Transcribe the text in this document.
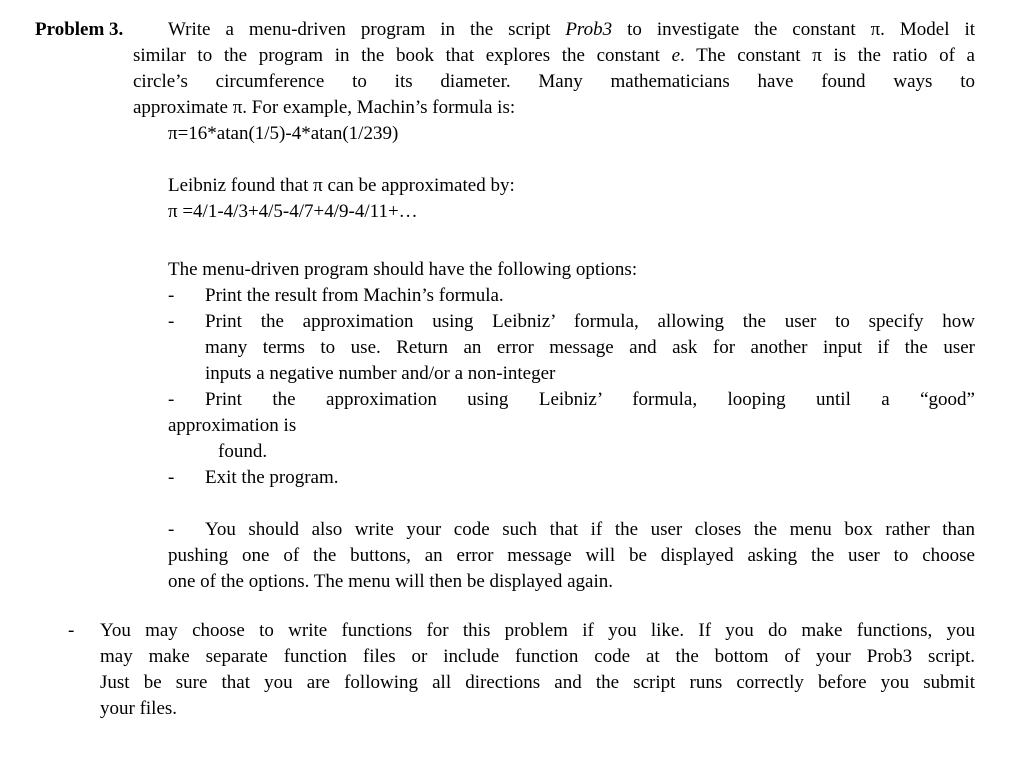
Problem 3.	Write a menu-driven program in the script Prob3 to investigate the constant π. Model it
similar to the program in the book that explores the constant e. The constant π is the ratio of a
circle’s circumference to its diameter. Many mathematicians have found ways to
approximate π. For example, Machin’s formula is:
π=16*atan(1/5)-4*atan(1/239)
Leibniz found that π can be approximated by:
π =4/1-4/3+4/5-4/7+4/9-4/11+…
The menu-driven program should have the following options:
- Print the result from Machin’s formula.
- Print the approximation using Leibniz’ formula, allowing the user to specify how
many terms to use. Return an error message and ask for another input if the user
inputs a negative number and/or a non-integer
- Print the approximation using Leibniz’ formula, looping until a “good”
approximation is
found.
- Exit the program.
- You should also write your code such that if the user closes the menu box rather than
pushing one of the buttons, an error message will be displayed asking the user to choose
one of the options. The menu will then be displayed again.
- You may choose to write functions for this problem if you like. If you do make functions, you
may make separate function files or include function code at the bottom of your Prob3 script.
Just be sure that you are following all directions and the script runs correctly before you submit
your files.
